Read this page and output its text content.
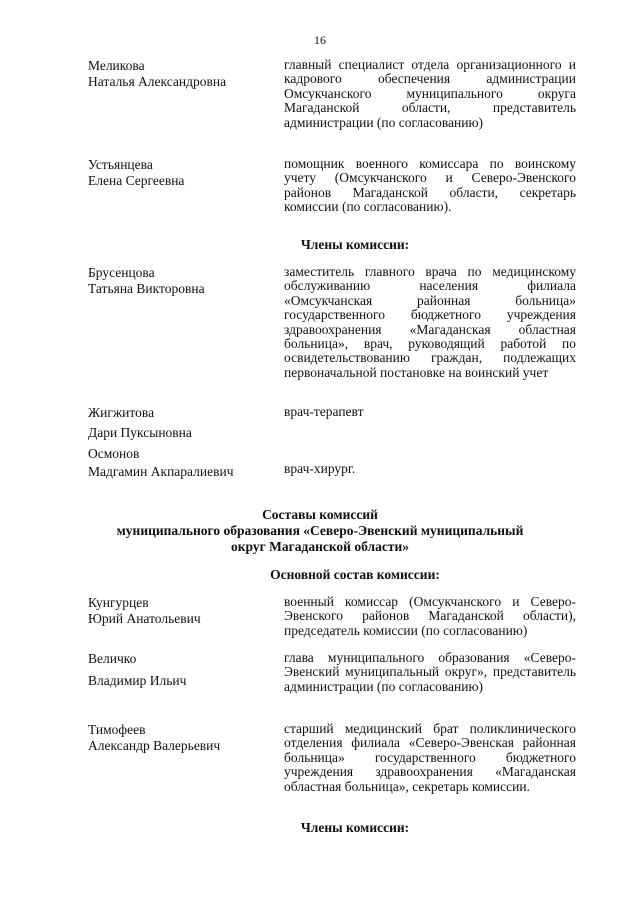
16
Меликова
Наталья Александровна
главный специалист отдела организационного и кадрового обеспечения администрации Омсукчанского муниципального округа Магаданской области, представитель администрации (по согласованию)
Устьянцева
Елена Сергеевна
помощник военного комиссара по воинскому учету (Омсукчанского и Северо-Эвенского районов Магаданской области, секретарь комиссии (по согласованию).
Члены комиссии:
Брусенцова
Татьяна Викторовна
заместитель главного врача по медицинскому обслуживанию населения филиала «Омсукчанская районная больница» государственного бюджетного учреждения здравоохранения «Магаданская областная больница», врач, руководящий работой по освидетельствованию граждан, подлежащих первоначальной постановке на воинский учет
Жигжитова
Дари Пуксыновна
врач-терапевт
Осмонов
Мадгамин Акпаралиевич	врач-хирург.
Составы комиссий
муниципального образования «Северо-Эвенский муниципальный
округ Магаданской области»
Основной состав комиссии:
Кунгурцев
Юрий Анатольевич
военный комиссар (Омсукчанского и Северо-Эвенского районов Магаданской области), председатель комиссии (по согласованию)
Величко
Владимир Ильич
глава муниципального образования «Северо-Эвенский муниципальный округ», представитель администрации (по согласованию)
Тимофеев
Александр Валерьевич
старший медицинский брат поликлинического отделения филиала «Северо-Эвенская районная больница» государственного бюджетного учреждения здравоохранения «Магаданская областная больница», секретарь комиссии.
Члены комиссии:
